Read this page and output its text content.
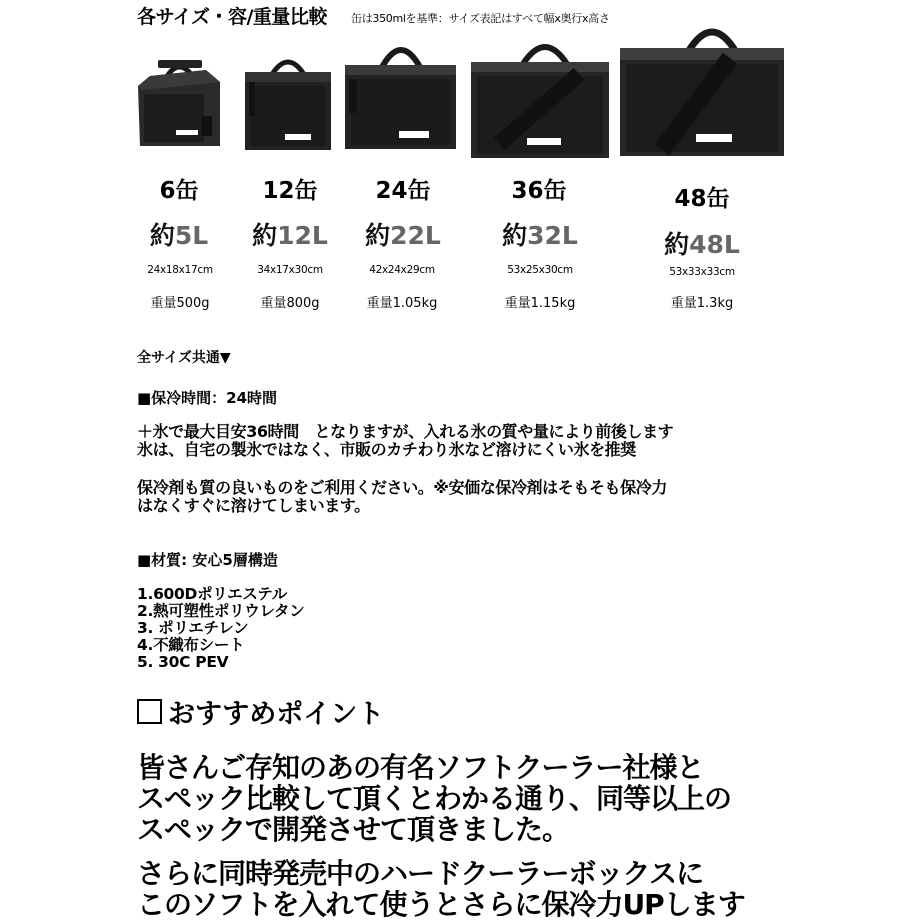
各サイズ・容/重量比較 缶は350mlを基準：サイズ表記はすべて幅x奥行x高さ
6缶	12缶	24缶	36缶	48缶
約5L	約12L	約22L	約32L	約48L
24x18x17cm	34x17x30cm	42x24x29cm	53x25x30cm	53x33x33cm
重量500g	重量800g	重量1.05kg	重量1.15kg	重量1.3kg
全サイズ共通▼
■保冷時間：24時間
＋氷で最大目安36時間　となりますが、入れる氷の質や量により前後します
氷は、自宅の製氷ではなく、市販のカチわり氷など溶けにくい氷を推奨
保冷剤も質の良いものをご利用ください。※安価な保冷剤はそもそも保冷力
はなくすぐに溶けてしまいます。
■材質: 安心5層構造
1.600Dポリエステル
2.熱可塑性ポリウレタン
3. ポリエチレン
4.不織布シート
5. 30C PEV
おすすめポイント
皆さんご存知のあの有名ソフトクーラー社様と
スペック比較して頂くとわかる通り、同等以上の
スペックで開発させて頂きました。
さらに同時発売中のハードクーラーボックスに
このソフトを入れて使うとさらに保冷力UPします
